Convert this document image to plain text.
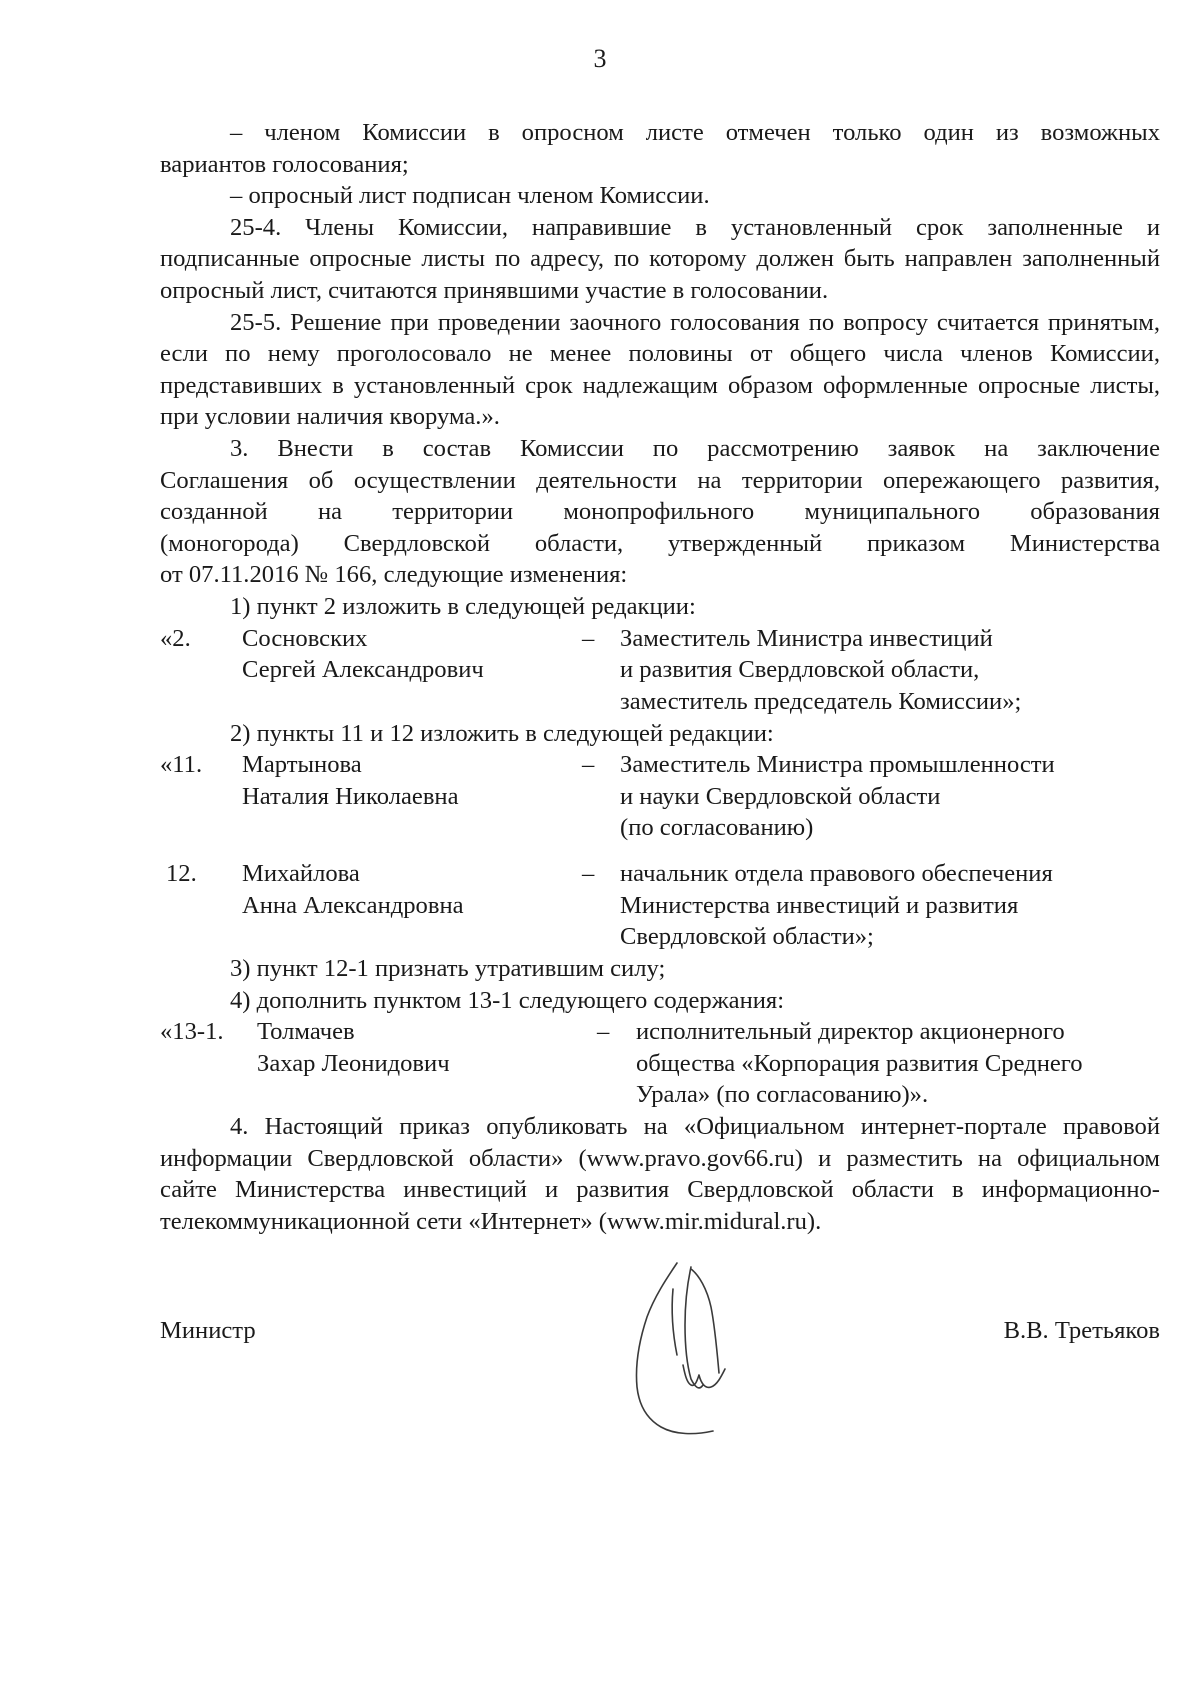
3

– членом Комиссии в опросном листе отмечен только один из возможных

вариантов голосования;

– опросный лист подписан членом Комиссии.

25-4. Члены Комиссии, направившие в установленный срок заполненные и подписанные опросные листы по адресу, по которому должен быть направлен заполненный опросный лист, считаются принявшими участие в голосовании.

25-5. Решение при проведении заочного голосования по вопросу считается принятым, если по нему проголосовало не менее половины от общего числа членов Комиссии, представивших в установленный срок надлежащим образом оформленные опросные листы, при условии наличия кворума.».

3. Внести в состав Комиссии по рассмотрению заявок на заключение

Соглашения об осуществлении деятельности на территории опережающего развития,

созданной на территории монопрофильного муниципального образования

(моногорода) Свердловской области, утвержденный приказом Министерства

от 07.11.2016 № 166, следующие изменения:

1) пункт 2 изложить в следующей редакции:

«2. Сосновских
Сергей Александрович
– Заместитель Министра инвестиций
и развития Свердловской области,
заместитель председатель Комиссии»;

2) пункты 11 и 12 изложить в следующей редакции:

«11. Мартынова
Наталия Николаевна
– Заместитель Министра промышленности
и науки Свердловской области
(по согласованию)
12. Михайлова
Анна Александровна
– начальник отдела правового обеспечения
Министерства инвестиций и развития
Свердловской области»;

3) пункт 12-1 признать утратившим силу;

4) дополнить пунктом 13-1 следующего содержания:

«13-1. Толмачев
Захар Леонидович
– исполнительный директор акционерного
общества «Корпорация развития Среднего
Урала» (по согласованию)».

4. Настоящий приказ опубликовать на «Официальном интернет-портале правовой информации Свердловской области» (www.pravo.gov66.ru) и разместить на официальном сайте Министерства инвестиций и развития Свердловской области в информационно-телекоммуникационной сети «Интернет» (www.mir.midural.ru).

Министр	В.В. Третьяков
